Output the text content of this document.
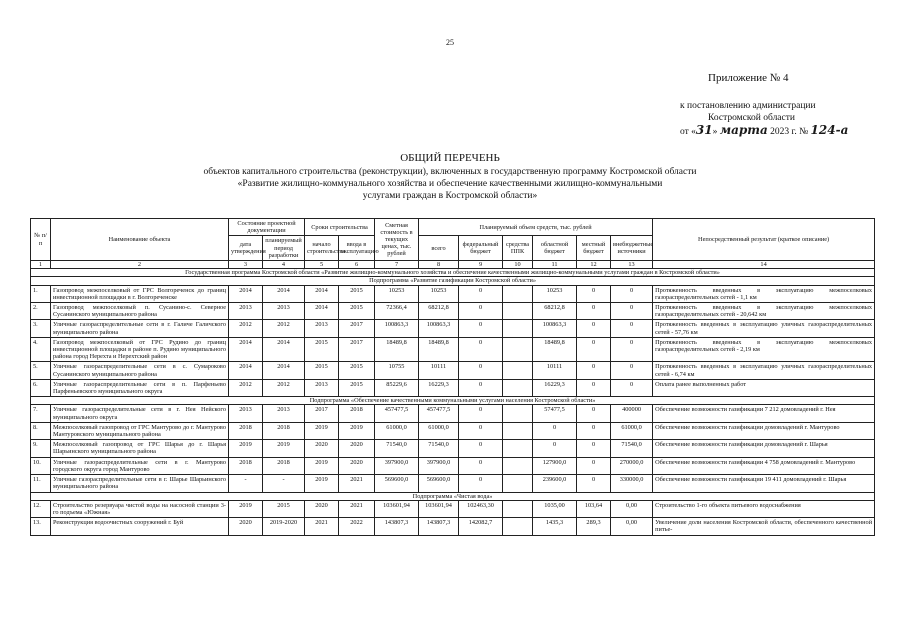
25
Приложение № 4
к постановлению администрации
Костромской области
от «31» марта 2023 г. № 124-а
ОБЩИЙ ПЕРЕЧЕНЬ
объектов капитального строительства (реконструкции), включенных в государственную программу Костромской области
«Развитие жилищно-коммунального хозяйства и обеспечение качественными жилищно-коммунальными
услугами граждан в Костромской области»
№ п/п	Наименование объекта	Состояние проектной документации		Сроки строительства		Сметная стоимость в текущих ценах, тыс. рублей	Планируемый объем средств, тыс. рублей						Непосредственный результат (краткое описание)
		дата утверждения	планируемый период разработки	начало строительства	ввода в эксплуатацию		всего	федеральный бюджет	средства ППК	областной бюджет	местный бюджет	внебюджетные источники	
1	2	3	4	5	6	7	8	9	10	11	12	13	14
Государственная программа Костромской области «Развитие жилищно-коммунального хозяйства и обеспечение качественными жилищно-коммунальными услугами граждан в Костромской области»													
Подпрограмма «Развитие газификации Костромской области»													
1.	Газопровод межпоселковый от ГРС Волгореченск до границ инвестиционной площадки в г. Волгореченске	2014	2014	2014	2015	10253	10253	0		10253	0	0	Протяженность введенных в эксплуатацию межпоселковых газораспределительных сетей - 1,1 км
2.	Газопровод межпоселковый п. Сусанино-с. Северное Сусанинского муниципального района	2013	2013	2014	2015	72366,4	68212,8	0		68212,8	0	0	Протяженность введенных в эксплуатацию межпоселковых газораспределительных сетей - 20,642 км
3.	Уличные газораспределительные сети в г. Галиче Галичского муниципального района	2012	2012	2013	2017	100863,3	100863,3	0		100863,3	0	0	Протяженность введенных в эксплуатацию уличных газораспределительных сетей - 57,76 км
4.	Газопровод межпоселковый от ГРС Рудино до границ инвестиционной площадки в районе п. Рудино муниципального района город Нерехта и Нерехтский район	2014	2014	2015	2017	18489,8	18489,8	0		18489,8	0	0	Протяженность введенных в эксплуатацию межпоселковых газораспределительных сетей - 2,19 км
5.	Уличные газораспределительные сети в с. Сумароково Сусанинского муниципального района	2014	2014	2015	2015	10755	10111	0		10111	0	0	Протяженность введенных в эксплуатацию уличных газораспределительных сетей - 6,74 км
6.	Уличные газораспределительные сети в п. Парфеньево Парфеньевского муниципального округа	2012	2012	2013	2015	85229,6	16229,3	0		16229,3	0	0	Оплата ранее выполненных работ
Подпрограмма «Обеспечение качественными коммунальными услугами населения Костромской области»													
7.	Уличные газораспределительные сети в г. Нея Нейского муниципального округа	2013	2013	2017	2018	457477,5	457477,5	0		57477,5	0	400000	Обеспечение возможности газификации 7 212 домовладений г. Нея
8.	Межпоселковый газопровод от ГРС Мантурово до г. Мантурово Мантуровского муниципального района	2018	2018	2019	2019	61000,0	61000,0	0		0	0	61000,0	Обеспечение возможности газификации домовладений г. Мантурово
9.	Межпоселковый газопровод от ГРС Шарья до г. Шарья Шарьинского муниципального района	2019	2019	2020	2020	71540,0	71540,0	0		0	0	71540,0	Обеспечение возможности газификации домовладений г. Шарья
10.	Уличные газораспределительные сети в г. Мантурово городского округа город Мантурово	2018	2018	2019	2020	397900,0	397900,0	0		127900,0	0	270000,0	Обеспечение возможности газификации 4 758 домовладений г. Мантурово
11.	Уличные газораспределительные сети в г. Шарье Шарьинского муниципального района	-	-	2019	2021	569600,0	569600,0	0		239600,0	0	330000,0	Обеспечение возможности газификации 19 411 домовладений г. Шарья
Подпрограмма «Чистая вода»													
12.	Строительство резервуара чистой воды на насосной станции 3-го подъема «Южная»	2019	2015	2020	2021	103601,94	103601,94	102463,30		1035,00	103,64	0,00	Строительство 1-го объекта питьевого водоснабжения
13.	Реконструкция водоочистных сооружений г. Буй	2020	2019-2020	2021	2022	143807,3	143807,3	142082,7		1435,3	289,3	0,00	Увеличение доли населения Костромской области, обеспеченного качественной питье-
